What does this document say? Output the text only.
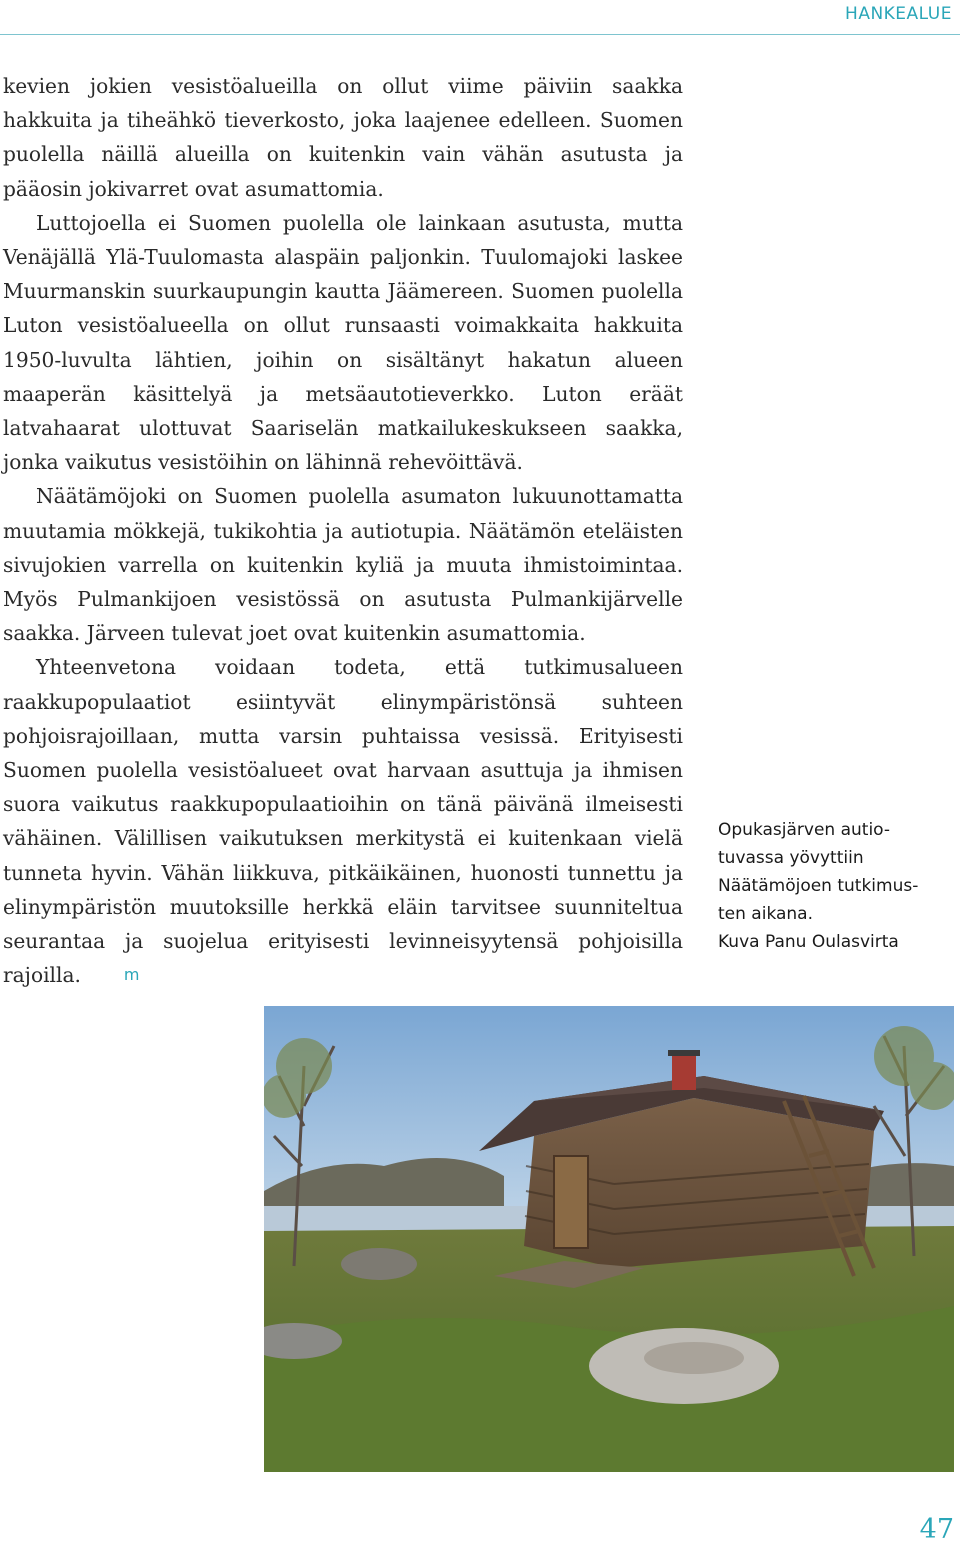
HANKEALUE

kevien jokien vesistöalueilla on ollut viime päiviin saakka hakkuita ja tiheähkö tieverkosto, joka laajenee edelleen. Suomen puolella näillä alueilla on kuitenkin vain vähän asutusta ja pääosin jokivarret ovat asumattomia.

Luttojoella ei Suomen puolella ole lainkaan asutusta, mutta Venäjällä Ylä-Tuulomasta alaspäin paljonkin. Tuulomajoki laskee Muurmanskin suurkaupungin kautta Jäämereen. Suomen puolella Luton vesistöalueella on ollut runsaasti voimakkaita hakkuita 1950-luvulta lähtien, joihin on sisältänyt hakatun alueen maaperän käsittelyä ja metsäautotieverkko. Luton eräät latvahaarat ulottuvat Saariselän matkailukeskukseen saakka, jonka vaikutus vesistöihin on lähinnä rehevöittävä.

Näätämöjoki on Suomen puolella asumaton lukuunottamatta muutamia mökkejä, tukikohtia ja autiotupia. Näätämön eteläisten sivujokien varrella on kuitenkin kyliä ja muuta ihmistoimintaa. Myös Pulmankijoen vesistössä on asutusta Pulmankijärvelle saakka. Järveen tulevat joet ovat kuitenkin asumattomia.

Yhteenvetona voidaan todeta, että tutkimusalueen raakkupopulaatiot esiintyvät elinympäristönsä suhteen pohjoisrajoillaan, mutta varsin puhtaissa vesissä. Erityisesti Suomen puolella vesistöalueet ovat harvaan asuttuja ja ihmisen suora vaikutus raakkupopulaatioihin on tänä päivänä ilmeisesti vähäinen. Välillisen vaikutuksen merkitystä ei kuitenkaan vielä tunneta hyvin. Vähän liikkuva, pitkäikäinen, huonosti tunnettu ja elinympäristön muutoksille herkkä eläin tarvitsee suunniteltua seurantaa ja suojelua erityisesti levinneisyytensä pohjoisilla rajoilla.	m

Opukasjärven autio-
tuvassa yövyttiin
Näätämöjoen tutkimus-
ten aikana.
Kuva Panu Oulasvirta
47
